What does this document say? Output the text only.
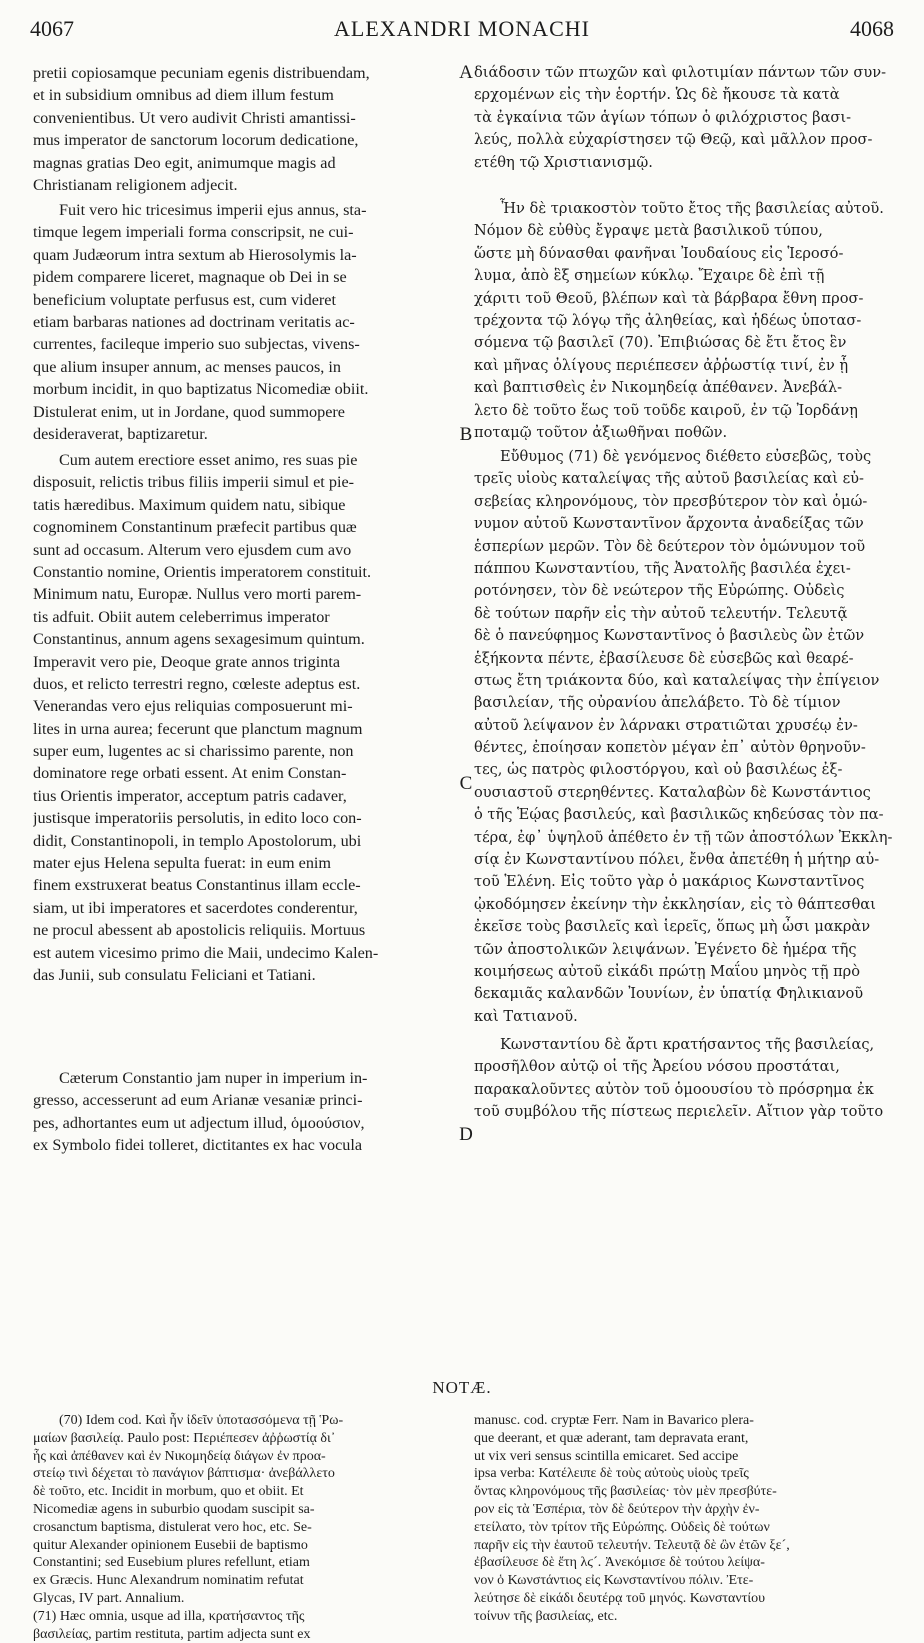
4067	ALEXANDRI MONACHI	4068
A
B
C
D
pretii copiosamque pecuniam egenis distribuendam,
et in subsidium omnibus ad diem illum festum
convenientibus. Ut vero audivit Christi amantissi-
mus imperator de sanctorum locorum dedicatione,
magnas gratias Deo egit, animumque magis ad
Christianam religionem adjecit.
Fuit vero hic tricesimus imperii ejus annus, sta-
timque legem imperiali forma conscripsit, ne cui-
quam Judæorum intra sextum ab Hierosolymis la-
pidem comparere liceret, magnaque ob Dei in se
beneficium voluptate perfusus est, cum videret
etiam barbaras nationes ad doctrinam veritatis ac-
currentes, facileque imperio suo subjectas, vivens-
que alium insuper annum, ac menses paucos, in
morbum incidit, in quo baptizatus Nicomediæ obiit.
Distulerat enim, ut in Jordane, quod summopere
desideraverat, baptizaretur.
Cum autem erectiore esset animo, res suas pie
disposuit, relictis tribus filiis imperii simul et pie-
tatis hæredibus. Maximum quidem natu, sibique
cognominem Constantinum præfecit partibus quæ
sunt ad occasum. Alterum vero ejusdem cum avo
Constantio nomine, Orientis imperatorem constituit.
Minimum natu, Europæ. Nullus vero morti parem-
tis adfuit. Obiit autem celeberrimus imperator
Constantinus, annum agens sexagesimum quintum.
Imperavit vero pie, Deoque grate annos triginta
duos, et relicto terrestri regno, cœleste adeptus est.
Venerandas vero ejus reliquias composuerunt mi-
lites in urna aurea; fecerunt que planctum magnum
super eum, lugentes ac si charissimo parente, non
dominatore rege orbati essent. At enim Constan-
tius Orientis imperator, acceptum patris cadaver,
justisque imperatoriis persolutis, in edito loco con-
didit, Constantinopoli, in templo Apostolorum, ubi
mater ejus Helena sepulta fuerat: in eum enim
finem exstruxerat beatus Constantinus illam eccle-
siam, ut ibi imperatores et sacerdotes conderentur,
ne procul abessent ab apostolicis reliquiis. Mortuus
est autem vicesimo primo die Maii, undecimo Kalen-
das Junii, sub consulatu Feliciani et Tatiani.
Cæterum Constantio jam nuper in imperium in-
gresso, accesserunt ad eum Arianæ vesaniæ princi-
pes, adhortantes eum ut adjectum illud, ὁμοούσιον,
ex Symbolo fidei tolleret, dictitantes ex hac vocula
διάδοσιν τῶν πτωχῶν καὶ φιλοτιμίαν πάντων τῶν συν-
ερχομένων εἰς τὴν ἑορτήν. Ὡς δὲ ἤκουσε τὰ κατὰ
τὰ ἐγκαίνια τῶν ἁγίων τόπων ὁ φιλόχριστος βασι-
λεύς, πολλὰ εὐχαρίστησεν τῷ Θεῷ, καὶ μᾶλλον προσ-
ετέθη τῷ Χριστιανισμῷ.
Ἦν δὲ τριακοστὸν τοῦτο ἔτος τῆς βασιλείας αὐτοῦ.
Νόμον δὲ εὐθὺς ἔγραψε μετὰ βασιλικοῦ τύπου,
ὥστε μὴ δύνασθαι φανῆναι Ἰουδαίους εἰς Ἱεροσό-
λυμα, ἀπὸ ἓξ σημείων κύκλῳ. Ἔχαιρε δὲ ἐπὶ τῇ
χάριτι τοῦ Θεοῦ, βλέπων καὶ τὰ βάρβαρα ἔθνη προσ-
τρέχοντα τῷ λόγῳ τῆς ἀληθείας, καὶ ἡδέως ὑποτασ-
σόμενα τῷ βασιλεῖ (70). Ἐπιβιώσας δὲ ἔτι ἔτος ἓν
καὶ μῆνας ὀλίγους περιέπεσεν ἀῤῥωστίᾳ τινί, ἐν ᾗ
καὶ βαπτισθεὶς ἐν Νικομηδείᾳ ἀπέθανεν. Ἀνεβάλ-
λετο δὲ τοῦτο ἕως τοῦ τοῦδε καιροῦ, ἐν τῷ Ἰορδάνῃ
ποταμῷ τοῦτον ἀξιωθῆναι ποθῶν.
Εὔθυμος (71) δὲ γενόμενος διέθετο εὐσεβῶς, τοὺς
τρεῖς υἱοὺς καταλείψας τῆς αὐτοῦ βασιλείας καὶ εὐ-
σεβείας κληρονόμους, τὸν πρεσβύτερον τὸν καὶ ὁμώ-
νυμον αὐτοῦ Κωνσταντῖνον ἄρχοντα ἀναδείξας τῶν
ἑσπερίων μερῶν. Τὸν δὲ δεύτερον τὸν ὁμώνυμον τοῦ
πάππου Κωνσταντίου, τῆς Ἀνατολῆς βασιλέα ἐχει-
ροτόνησεν, τὸν δὲ νεώτερον τῆς Εὐρώπης. Οὐδεὶς
δὲ τούτων παρῆν εἰς τὴν αὐτοῦ τελευτήν. Τελευτᾷ
δὲ ὁ πανεύφημος Κωνσταντῖνος ὁ βασιλεὺς ὢν ἐτῶν
ἑξήκοντα πέντε, ἐβασίλευσε δὲ εὐσεβῶς καὶ θεαρέ-
στως ἔτη τριάκοντα δύο, καὶ καταλείψας τὴν ἐπίγειον
βασιλείαν, τῆς οὐρανίου ἀπελάβετο. Τὸ δὲ τίμιον
αὐτοῦ λείψανον ἐν λάρνακι στρατιῶται χρυσέῳ ἐν-
θέντες, ἐποίησαν κοπετὸν μέγαν ἐπ᾽ αὐτὸν θρηνοῦν-
τες, ὡς πατρὸς φιλοστόργου, καὶ οὐ βασιλέως ἐξ-
ουσιαστοῦ στερηθέντες. Καταλαβὼν δὲ Κωνστάντιος
ὁ τῆς Ἑῴας βασιλεύς, καὶ βασιλικῶς κηδεύσας τὸν πα-
τέρα, ἐφ᾽ ὑψηλοῦ ἀπέθετο ἐν τῇ τῶν ἀποστόλων Ἐκκλη-
σίᾳ ἐν Κωνσταντίνου πόλει, ἔνθα ἀπετέθη ἡ μήτηρ αὐ-
τοῦ Ἑλένη. Εἰς τοῦτο γὰρ ὁ μακάριος Κωνσταντῖνος
ᾠκοδόμησεν ἐκείνην τὴν ἐκκλησίαν, εἰς τὸ θάπτεσθαι
ἐκεῖσε τοὺς βασιλεῖς καὶ ἱερεῖς, ὅπως μὴ ὦσι μακρὰν
τῶν ἀποστολικῶν λειψάνων. Ἐγένετο δὲ ἡμέρα τῆς
κοιμήσεως αὐτοῦ εἰκάδι πρώτῃ Μαΐου μηνὸς τῇ πρὸ
δεκαμιᾶς καλανδῶν Ἰουνίων, ἐν ὑπατίᾳ Φηλικιανοῦ
καὶ Τατιανοῦ.
Κωνσταντίου δὲ ἄρτι κρατήσαντος τῆς βασιλείας,
προσῆλθον αὐτῷ οἱ τῆς Ἀρείου νόσου προστάται,
παρακαλοῦντες αὐτὸν τοῦ ὁμοουσίου τὸ πρόσρημα ἐκ
τοῦ συμβόλου τῆς πίστεως περιελεῖν. Αἴτιον γὰρ τοῦτο
NOTÆ.
(70) Idem cod. Καὶ ἦν ἰδεῖν ὑποτασσόμενα τῇ Ῥω-
μαίων βασιλείᾳ. Paulo post: Περιέπεσεν ἀῤῥωστίᾳ δι᾽
ἧς καὶ ἀπέθανεν καὶ ἐν Νικομηδείᾳ διάγων ἐν προα-
στείῳ τινὶ δέχεται τὸ πανάγιον βάπτισμα· ἀνεβάλλετο
δὲ τοῦτο, etc. Incidit in morbum, quo et obiit. Et
Nicomediæ agens in suburbio quodam suscipit sa-
crosanctum baptisma, distulerat vero hoc, etc. Se-
quitur Alexander opinionem Eusebii de baptismo
Constantini; sed Eusebium plures refellunt, etiam
ex Græcis. Hunc Alexandrum nominatim refutat
Glycas, IV part. Annalium.
(71) Hæc omnia, usque ad illa, κρατήσαντος τῆς
βασιλείας, partim restituta, partim adjecta sunt ex
manusc. cod. cryptæ Ferr. Nam in Bavarico plera-
que deerant, et quæ aderant, tam depravata erant,
ut vix veri sensus scintilla emicaret. Sed accipe
ipsa verba: Κατέλειπε δὲ τοὺς αὐτοὺς υἱοὺς τρεῖς
ὄντας κληρονόμους τῆς βασιλείας· τὸν μὲν πρεσβύτε-
ρον εἰς τὰ Ἑσπέρια, τὸν δὲ δεύτερον τὴν ἀρχὴν ἐν-
ετείλατο, τὸν τρίτον τῆς Εὐρώπης. Οὐδεὶς δὲ τούτων
παρῆν εἰς τὴν ἑαυτοῦ τελευτήν. Τελευτᾷ δὲ ὢν ἐτῶν ξε´,
ἐβασίλευσε δὲ ἔτη λϛ´. Ἀνεκόμισε δὲ τούτου λείψα-
νον ὁ Κωνστάντιος εἰς Κωνσταντίνου πόλιν. Ἐτε-
λεύτησε δὲ εἰκάδι δευτέρᾳ τοῦ μηνός. Κωνσταντίου
τοίνυν τῆς βασιλείας, etc.
